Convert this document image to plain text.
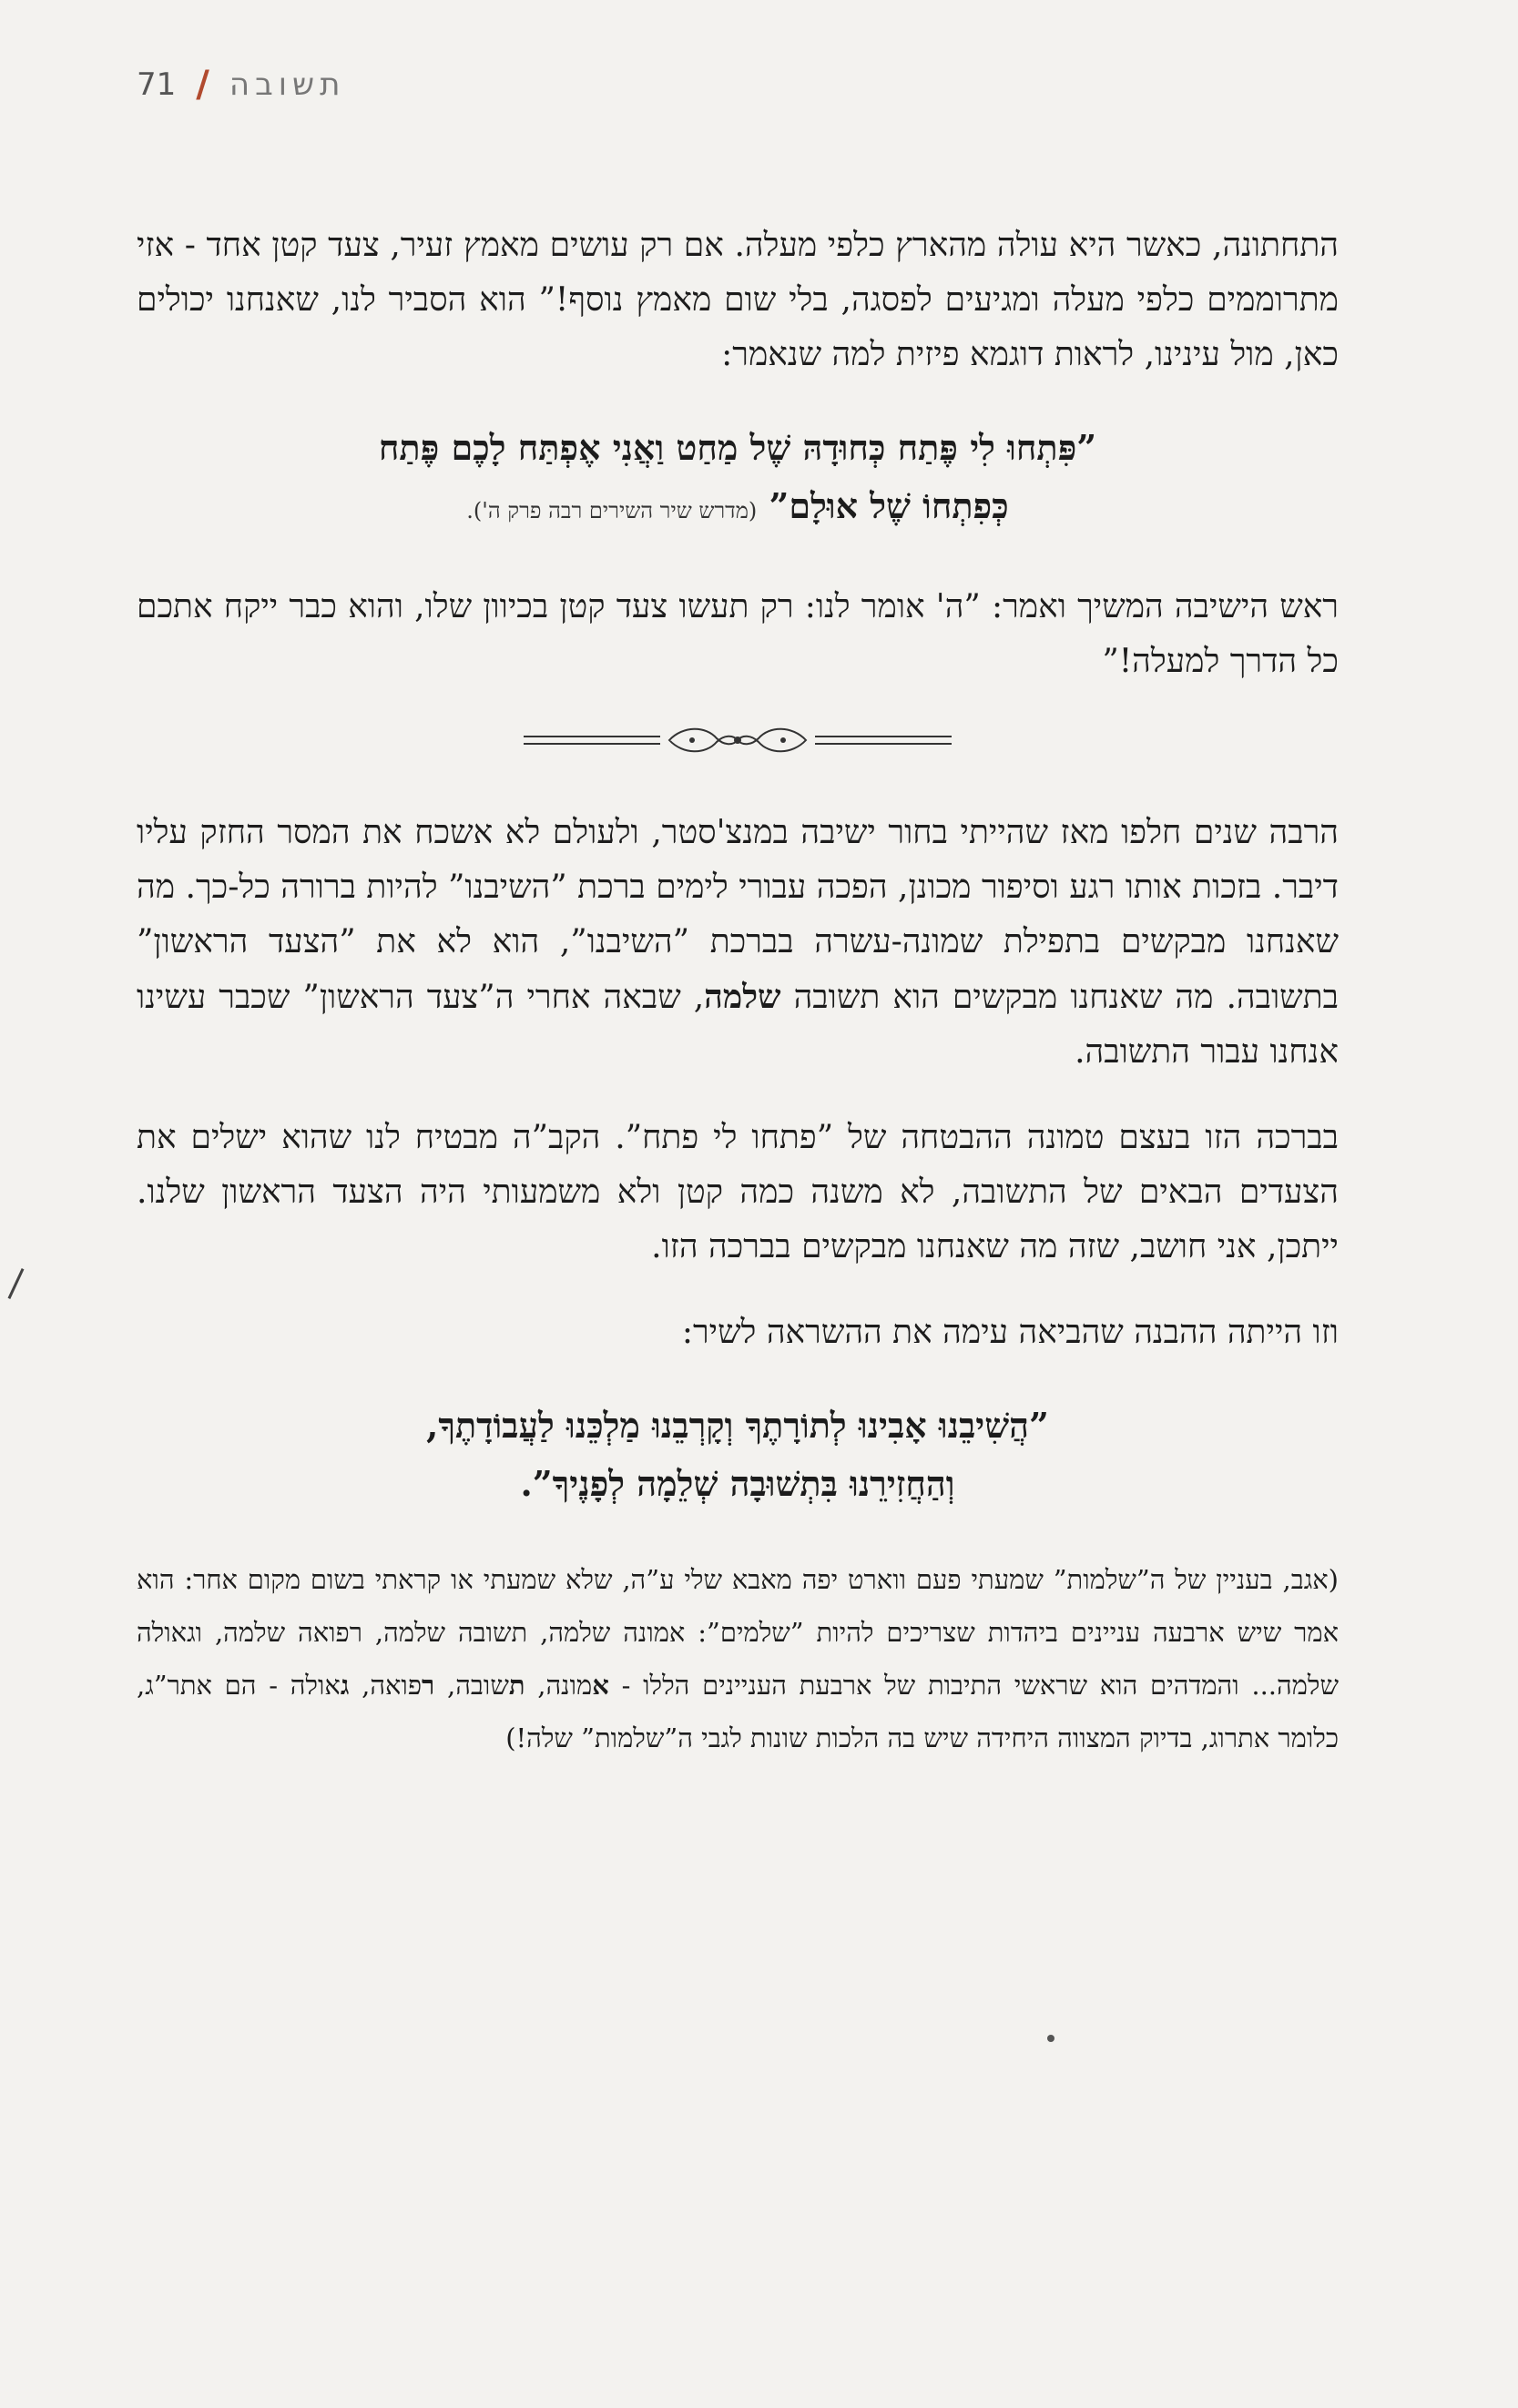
71 / תשובה

התחתונה, כאשר היא עולה מהארץ כלפי מעלה. אם רק עושים מאמץ זעיר, צעד קטן אחד - אזי מתרוממים כלפי מעלה ומגיעים לפסגה, בלי שום מאמץ נוסף!” הוא הסביר לנו, שאנחנו יכולים כאן, מול עינינו, לראות דוגמא פיזית למה שנאמר:

”פִּתְחוּ לִי פֶּתַח כְּחוּדָהּ שֶׁל מַחַט וַאֲנִי אֶפְתַּח לָכֶם פֶּתַח
כְּפִתְחוֹ שֶׁל אוּלָם” (מדרש שיר השירים רבה פרק ה').

ראש הישיבה המשיך ואמר: ”ה' אומר לנו: רק תעשו צעד קטן בכיוון שלו, והוא כבר ייקח אתכם כל הדרך למעלה!”

הרבה שנים חלפו מאז שהייתי בחור ישיבה במנצ'סטר, ולעולם לא אשכח את המסר החזק עליו דיבר. בזכות אותו רגע וסיפור מכונן, הפכה עבורי לימים ברכת ”השיבנו” להיות ברורה כל-כך. מה שאנחנו מבקשים בתפילת שמונה-עשרה בברכת ”השיבנו”, הוא לא את ”הצעד הראשון” בתשובה. מה שאנחנו מבקשים הוא תשובה שלמה, שבאה אחרי ה”צעד הראשון” שכבר עשינו אנחנו עבור התשובה.

בברכה הזו בעצם טמונה ההבטחה של ”פתחו לי פתח”. הקב”ה מבטיח לנו שהוא ישלים את הצעדים הבאים של התשובה, לא משנה כמה קטן ולא משמעותי היה הצעד הראשון שלנו. ייתכן, אני חושב, שזה מה שאנחנו מבקשים בברכה הזו.

וזו הייתה ההבנה שהביאה עימה את ההשראה לשיר:

”הֲשִׁיבֵנוּ אָבִינוּ לְתוֹרָתֶךָ וְקָרְבֵנוּ מַלְכֵּנוּ לַעֲבוֹדָתֶךָ,
וְהַחֲזִירֵנוּ בִּתְשׁוּבָה שְׁלֵמָה לְפָנֶיךָ”.

(אגב, בעניין של ה”שלמות” שמעתי פעם ווארט יפה מאבא שלי ע”ה, שלא שמעתי או קראתי בשום מקום אחר: הוא אמר שיש ארבעה עניינים ביהדות שצריכים להיות ”שלמים”: אמונה שלמה, תשובה שלמה, רפואה שלמה, וגאולה שלמה... והמדהים הוא שראשי התיבות של ארבעת העניינים הללו - אמונה, תשובה, רפואה, גאולה - הם אתר”ג, כלומר אתרוג, בדיוק המצווה היחידה שיש בה הלכות שונות לגבי ה”שלמות” שלה!)
